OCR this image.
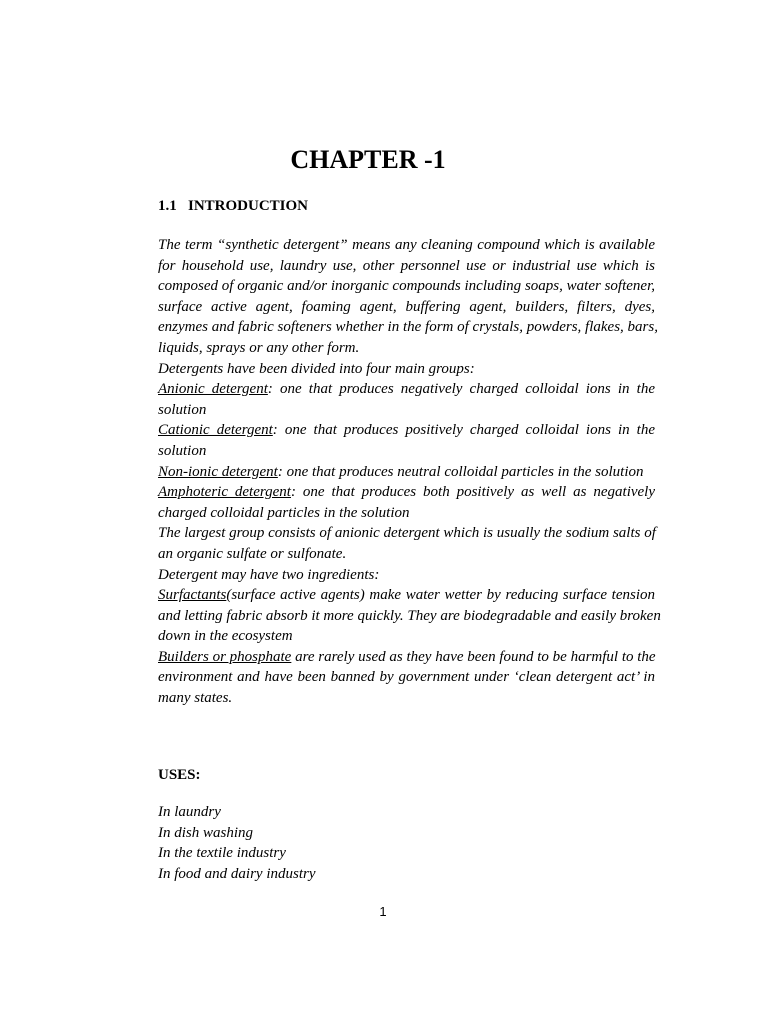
CHAPTER -1
1.1 INTRODUCTION
The term “synthetic detergent” means any cleaning compound which is available
for household use, laundry use, other personnel use or industrial use which is
composed of organic and/or inorganic compounds including soaps, water softener,
surface active agent, foaming agent, buffering agent, builders, filters, dyes,
enzymes and fabric softeners whether in the form of crystals, powders, flakes, bars,
liquids, sprays or any other form.
Detergents have been divided into four main groups:
Anionic detergent: one that produces negatively charged colloidal ions in the
solution
Cationic detergent: one that produces positively charged colloidal ions in the
solution
Non-ionic detergent: one that produces neutral colloidal particles in the solution
Amphoteric detergent: one that produces both positively as well as negatively
charged colloidal particles in the solution
The largest group consists of anionic detergent which is usually the sodium salts of
an organic sulfate or sulfonate.
Detergent may have two ingredients:
Surfactants(surface active agents) make water wetter by reducing surface tension
and letting fabric absorb it more quickly. They are biodegradable and easily broken
down in the ecosystem
Builders or phosphate are rarely used as they have been found to be harmful to the
environment and have been banned by government under ‘clean detergent act’ in
many states.
USES:
In laundry
In dish washing
In the textile industry
In food and dairy industry
1
